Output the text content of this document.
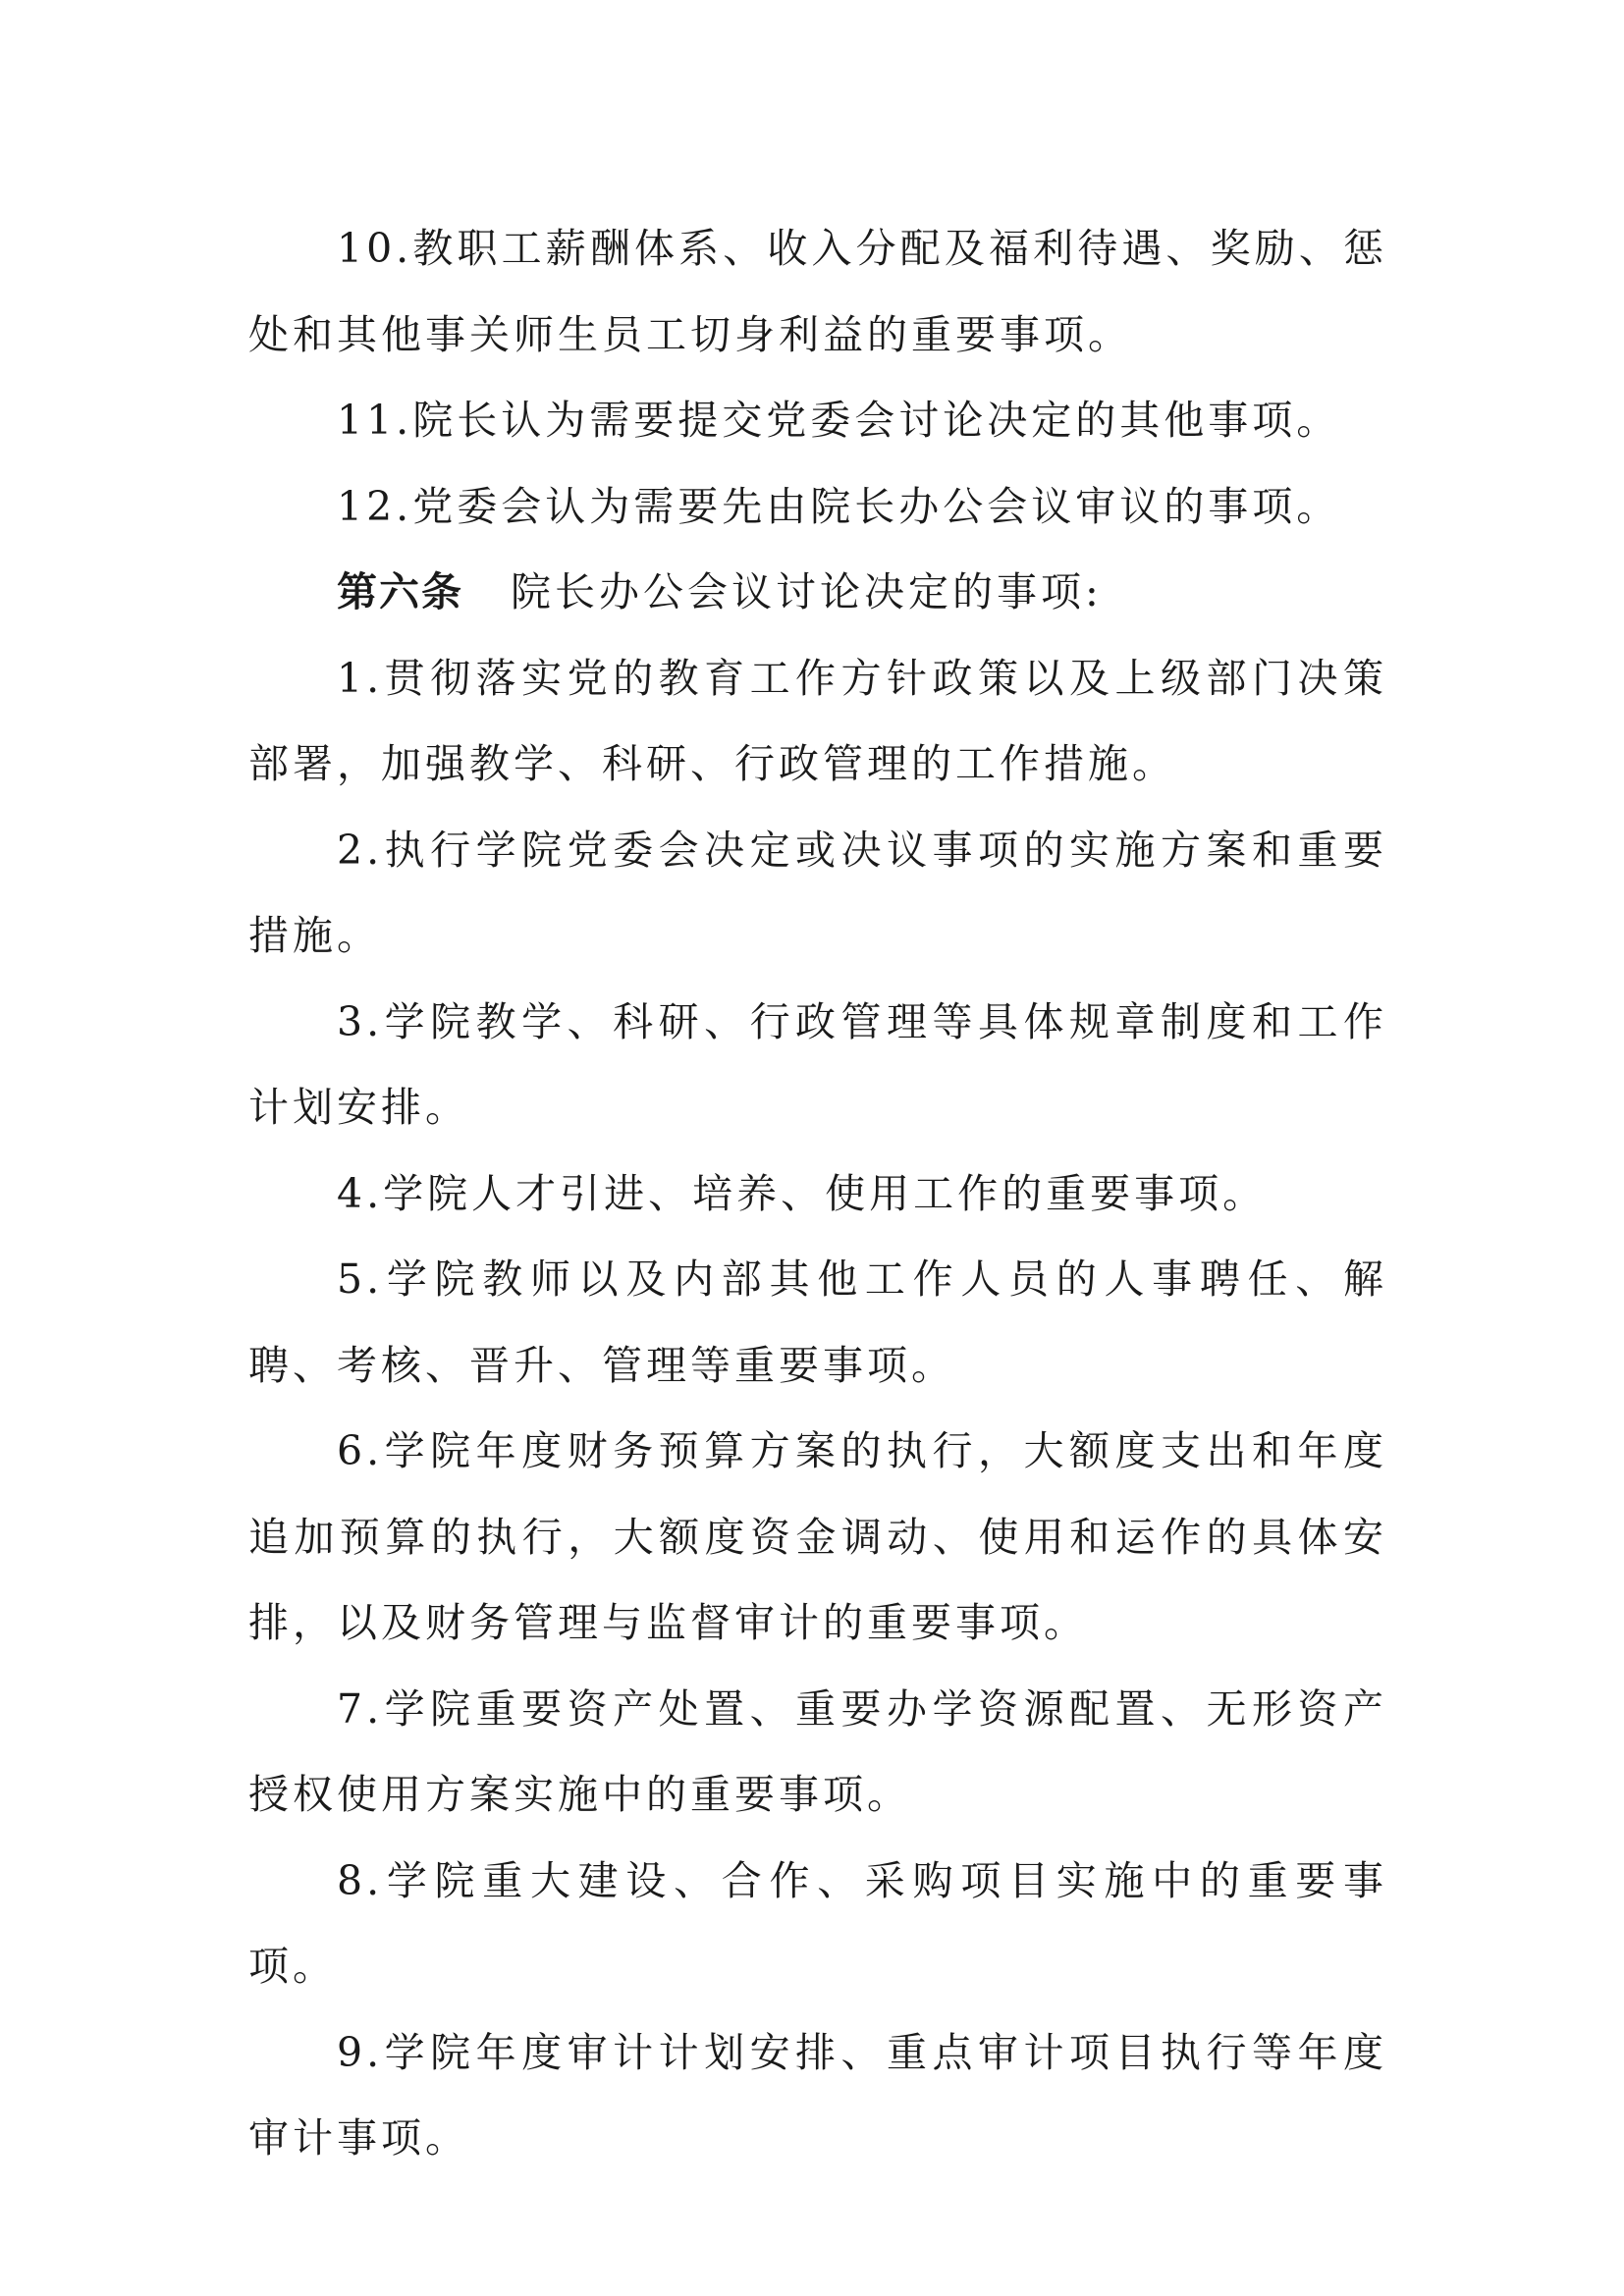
10.教职工薪酬体系、收入分配及福利待遇、奖励、惩处和其他事关师生员工切身利益的重要事项。

11.院长认为需要提交党委会讨论决定的其他事项。

12.党委会认为需要先由院长办公会议审议的事项。

第六条 院长办公会议讨论决定的事项:

1.贯彻落实党的教育工作方针政策以及上级部门决策部署，加强教学、科研、行政管理的工作措施。

2.执行学院党委会决定或决议事项的实施方案和重要措施。

3.学院教学、科研、行政管理等具体规章制度和工作计划安排。

4.学院人才引进、培养、使用工作的重要事项。

5.学院教师以及内部其他工作人员的人事聘任、解聘、考核、晋升、管理等重要事项。

6.学院年度财务预算方案的执行，大额度支出和年度追加预算的执行，大额度资金调动、使用和运作的具体安排，以及财务管理与监督审计的重要事项。

7.学院重要资产处置、重要办学资源配置、无形资产授权使用方案实施中的重要事项。

8.学院重大建设、合作、采购项目实施中的重要事项。

9.学院年度审计计划安排、重点审计项目执行等年度审计事项。
